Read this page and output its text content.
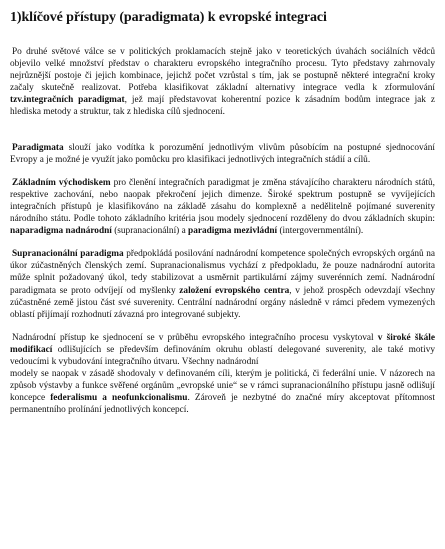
1)klíčové přístupy (paradigmata) k evropské integraci

Po druhé světové válce se v politických proklamacích stejně jako v teoretických úvahách sociálních vědců objevilo velké množství představ o charakteru evropského integračního procesu. Tyto představy zahrnovaly nejrůznější postoje či jejich kombinace, jejichž počet vzrůstal s tím, jak se postupně některé integrační kroky začaly skutečně realizovat. Potřeba klasifikovat základní alternativy integrace vedla k zformulování tzv.integračních paradigmat, jež mají představovat koherentní pozice k zásadním bodům integrace jak z hlediska metody a struktur, tak z hlediska cílů sjednocení.

Paradigmata slouží jako vodítka k porozumění jednotlivým vlivům působícím na postupné sjednocování Evropy a je možné je využít jako pomůcku pro klasifikaci jednotlivých integračních stádií a cílů.

Základním východiskem pro členění integračních paradigmat je změna stávajícího charakteru národních států, respektive zachování, nebo naopak překročení jejich dimenze. Široké spektrum postupně se vyvíjejících integračních přístupů je klasifikováno na základě zásahu do komplexně a nedělitelně pojímané suverenity národního státu. Podle tohoto základního kritéria jsou modely sjednocení rozděleny do dvou základních skupin: naparadigma nadnárodní (supranacionální) a paradigma mezivládní (intergovernmentální).

Supranacionální paradigma předpokládá posilování nadnárodní kompetence společných evropských orgánů na úkor zúčastněných členských zemí. Supranacionalismus vychází z předpokladu, že pouze nadnárodní autorita může splnit požadovaný úkol, tedy stabilizovat a usměrnit partikulární zájmy suverénních zemí. Nadnárodní paradigmata se proto odvíjejí od myšlenky založení evropského centra, v jehož prospěch odevzdají všechny zúčastněné země jistou část své suverenity. Centrální nadnárodní orgány následně v rámci předem vymezených oblastí přijímají rozhodnutí závazná pro integrované subjekty.

Nadnárodní přístup ke sjednocení se v průběhu evropského integračního procesu vyskytoval v široké škále modifikací odlišujících se především definováním okruhu oblastí delegované suverenity, ale také motivy vedoucími k vybudování integračního útvaru. Všechny nadnárodní
modely se naopak v zásadě shodovaly v definovaném cíli, kterým je politická, či federální unie. V názorech na způsob výstavby a funkce svěřené orgánům „evropské unie“ se v rámci supranacionálního přístupu jasně odlišují koncepce federalismu a neofunkcionalismu. Zároveň je nezbytné do značné míry akceptovat přítomnost permanentního prolínání jednotlivých koncepcí.
